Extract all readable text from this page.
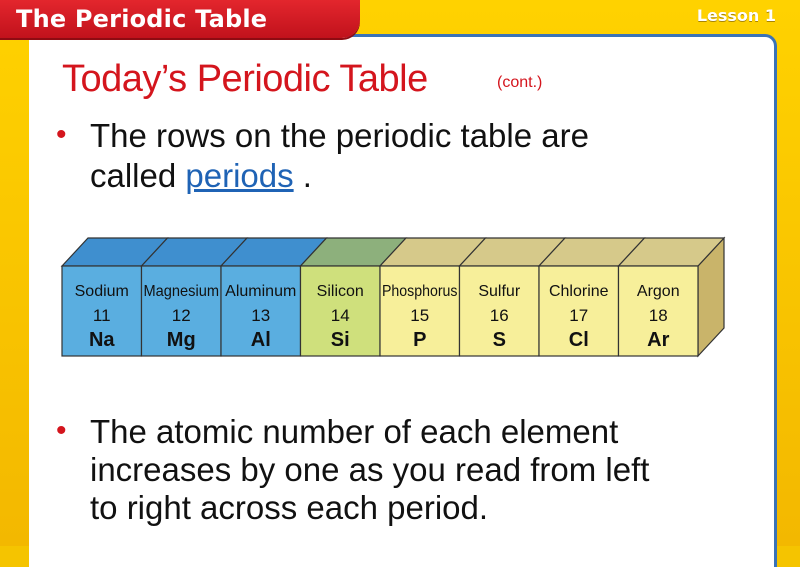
The Periodic Table	Lesson 1
Today’s Periodic Table	(cont.)
• The rows on the periodic table are
called periods .
Sodium
11
Na
Magnesium
12
Mg
Aluminum
13
Al
Silicon
14
Si
Phosphorus
15
P
Sulfur
16
S
Chlorine
17
Cl
Argon
18
Ar
• The atomic number of each element
increases by one as you read from left
to right across each period.
